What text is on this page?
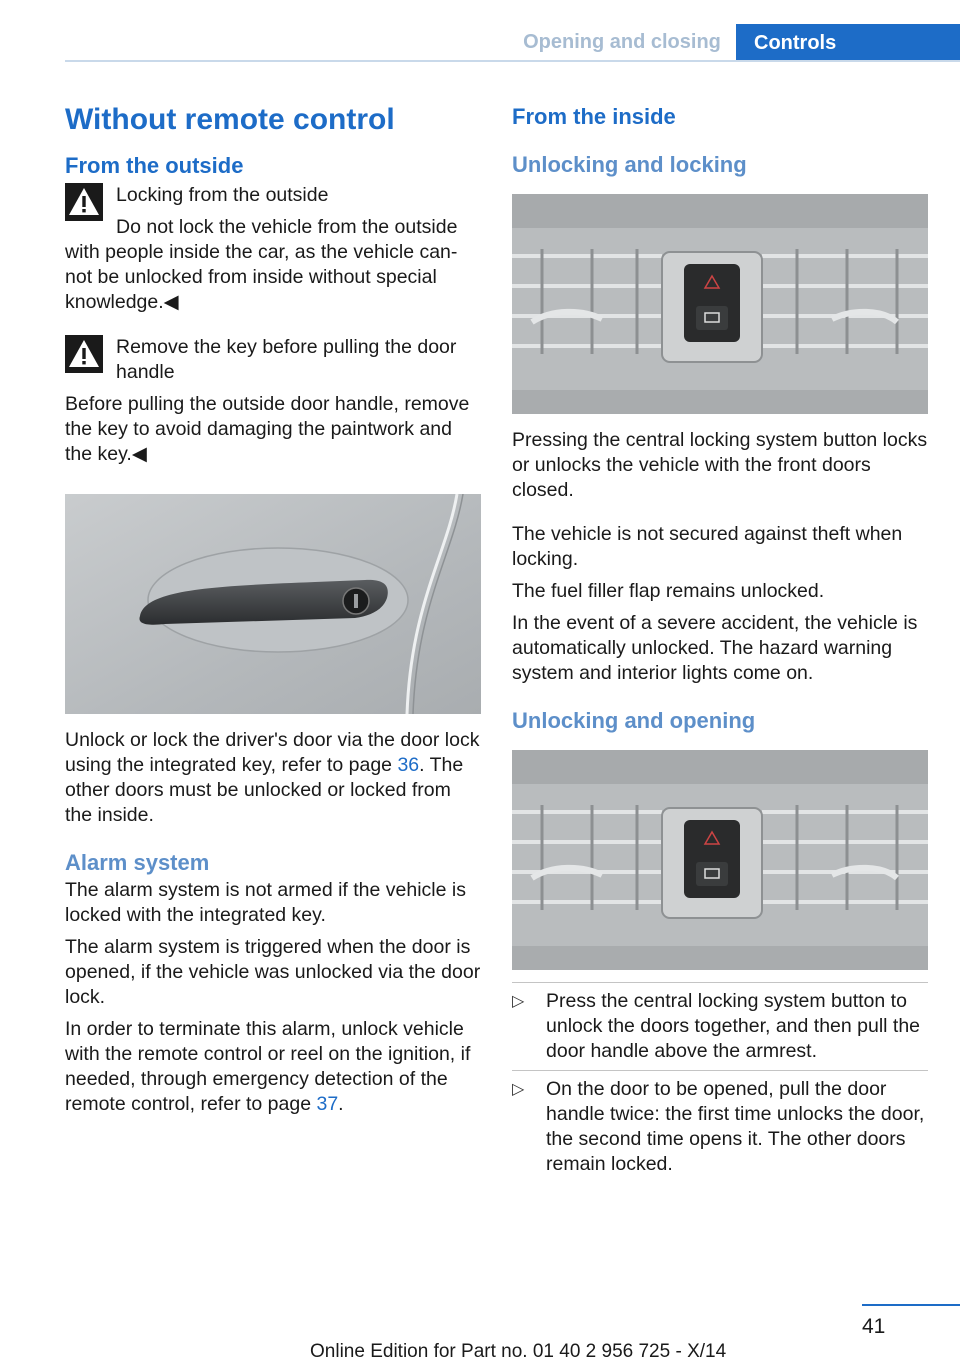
Opening and closing	Controls
Without remote control
From the outside
Locking from the outside

Do not lock the vehicle from the outside

with people inside the car, as the vehicle can‐not be unlocked from inside without special knowledge.◀

Remove the key before pulling the door handle

Before pulling the outside door handle, remove the key to avoid damaging the paintwork and the key.◀

Unlock or lock the driver's door via the door lock using the integrated key, refer to page 36. The other doors must be unlocked or locked from the inside.

Alarm system

The alarm system is not armed if the vehicle is locked with the integrated key.

The alarm system is triggered when the door is opened, if the vehicle was unlocked via the door lock.

In order to terminate this alarm, unlock vehicle with the remote control or reel on the ignition, if needed, through emergency detection of the remote control, refer to page 37.

From the inside
Unlocking and locking

Pressing the central locking system button locks or unlocks the vehicle with the front doors closed.

The vehicle is not secured against theft when locking.

The fuel filler flap remains unlocked.

In the event of a severe accident, the vehicle is automatically unlocked. The hazard warning system and interior lights come on.

Unlocking and opening
▷ Press the central locking system button to unlock the doors together, and then pull the door handle above the armrest.
▷ On the door to be opened, pull the door handle twice: the first time unlocks the door, the second time opens it. The other doors remain locked.
41
Online Edition for Part no. 01 40 2 956 725 - X/14
